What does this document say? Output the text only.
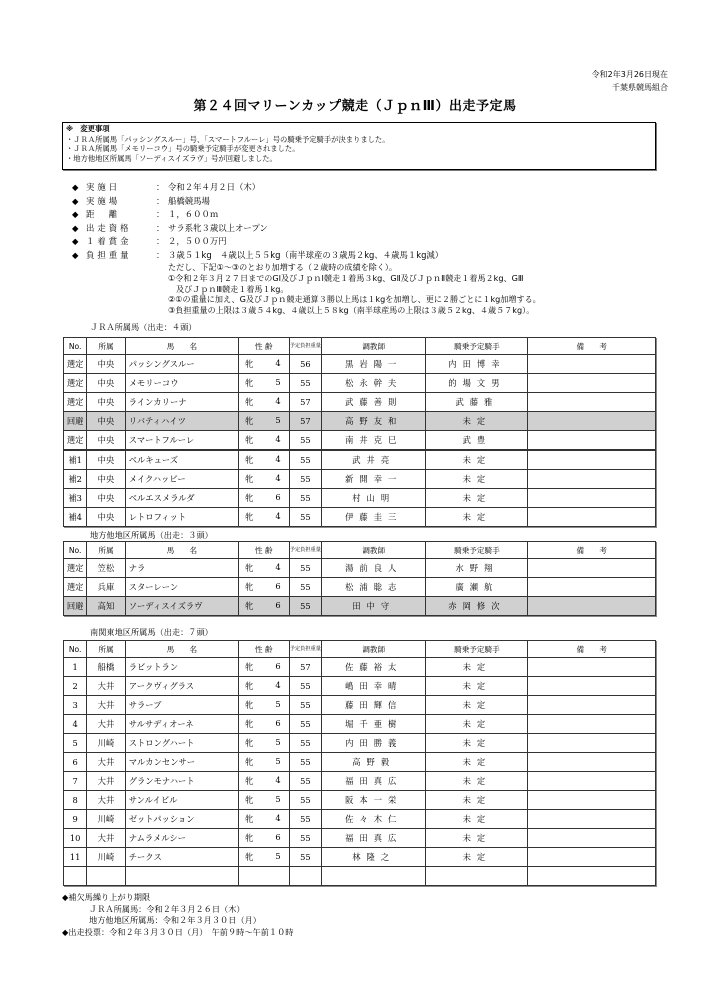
令和2年3月26日現在
千葉県競馬組合
第２４回マリーンカップ競走（ＪｐｎⅢ）出走予定馬
※　変更事項
・ＪＲＡ所属馬「パッシングスルー」号、「スマートフルーレ」号の騎乗予定騎手が決まりました。
・ＪＲＡ所属馬「メモリーコウ」号の騎乗予定騎手が変更されました。
・地方他地区所属馬「ソーディスイズラヴ」号が回避しました。
◆ 実施日	： 令和２年４月２日（木）
◆ 実施場	： 船橋競馬場
◆ 距　離	： １，６００ｍ
◆ 出走資格	： サラ系牝３歳以上オープン
◆ １着賞金	： ２，５００万円
◆ 負担重量	： ３歳５１kg　４歳以上５５kg（南半球産の３歳馬２kg、４歳馬１kg減）
ただし、下記①～③のとおり加増する（２歳時の成績を除く）。
①令和２年３月２７日までのGⅠ及びＪｐｎⅠ競走１着馬３kg、GⅡ及びＪｐｎⅡ競走１着馬２kg、GⅢ
及びＪｐｎⅢ競走１着馬１kg。
②①の重量に加え、G及びＪｐｎ競走通算３勝以上馬は１kgを加増し、更に２勝ごとに１kg加増する。
③負担重量の上限は３歳５４kg、４歳以上５８kg（南半球産馬の上限は３歳５２kg、４歳５７kg）。
ＪＲＡ所属馬（出走：４頭）
No.	所属	馬　　名	性 齢	予定負担重量	調教師	騎乗予定騎手	備　　考
選定	中央	パッシングスルー	牝 4	56	黒岩陽一	内田博幸	
選定	中央	メモリーコウ	牝 5	55	松永幹夫	的場文男	
選定	中央	ラインカリーナ	牝 4	57	武藤善則	武藤雅	
回避	中央	リバティハイツ	牝 5	57	高野友和	未定	
選定	中央	スマートフルーレ	牝 4	55	南井克巳	武豊	
補1	中央	ベルキューズ	牝 4	55	武井亮	未定	
補2	中央	メイクハッピー	牝 4	55	新開幸一	未定	
補3	中央	ベルエスメラルダ	牝 6	55	村山明	未定	
補4	中央	レトロフィット	牝 4	55	伊藤圭三	未定	
地方他地区所属馬（出走：３頭）
No.	所属	馬　　名	性 齢	予定負担重量	調教師	騎乗予定騎手	備　　考
選定	笠松	ナラ	牝 4	55	湯前良人	水野翔	
選定	兵庫	スターレーン	牝 6	55	松浦聡志	廣瀬航	
回避	高知	ソーディスイズラヴ	牝 6	55	田中守	赤岡修次	
南関東地区所属馬（出走：７頭）
No.	所属	馬　　名	性 齢	予定負担重量	調教師	騎乗予定騎手	備　　考
1	船橋	ラビットラン	牝 6	57	佐藤裕太	未定	
2	大井	アークヴィグラス	牝 4	55	嶋田幸晴	未定	
3	大井	サラーブ	牝 5	55	藤田輝信	未定	
4	大井	サルサディオーネ	牝 6	55	堀千亜樹	未定	
5	川崎	ストロングハート	牝 5	55	内田勝義	未定	
6	大井	マルカンセンサー	牝 5	55	高野毅	未定	
7	大井	グランモナハート	牝 4	55	福田真広	未定	
8	大井	サンルイビル	牝 5	55	阪本一栄	未定	
9	川崎	ゼットパッション	牝 4	55	佐々木仁	未定	
10	大井	ナムラメルシー	牝 6	55	福田真広	未定	
11	川崎	チークス	牝 5	55	林隆之	未定	

◆補欠馬繰り上がり期限
ＪＲＡ所属馬：令和２年３月２６日（木）
地方他地区所属馬：令和２年３月３０日（月）
◆出走投票：令和２年３月３０日（月）　午前９時～午前１０時
